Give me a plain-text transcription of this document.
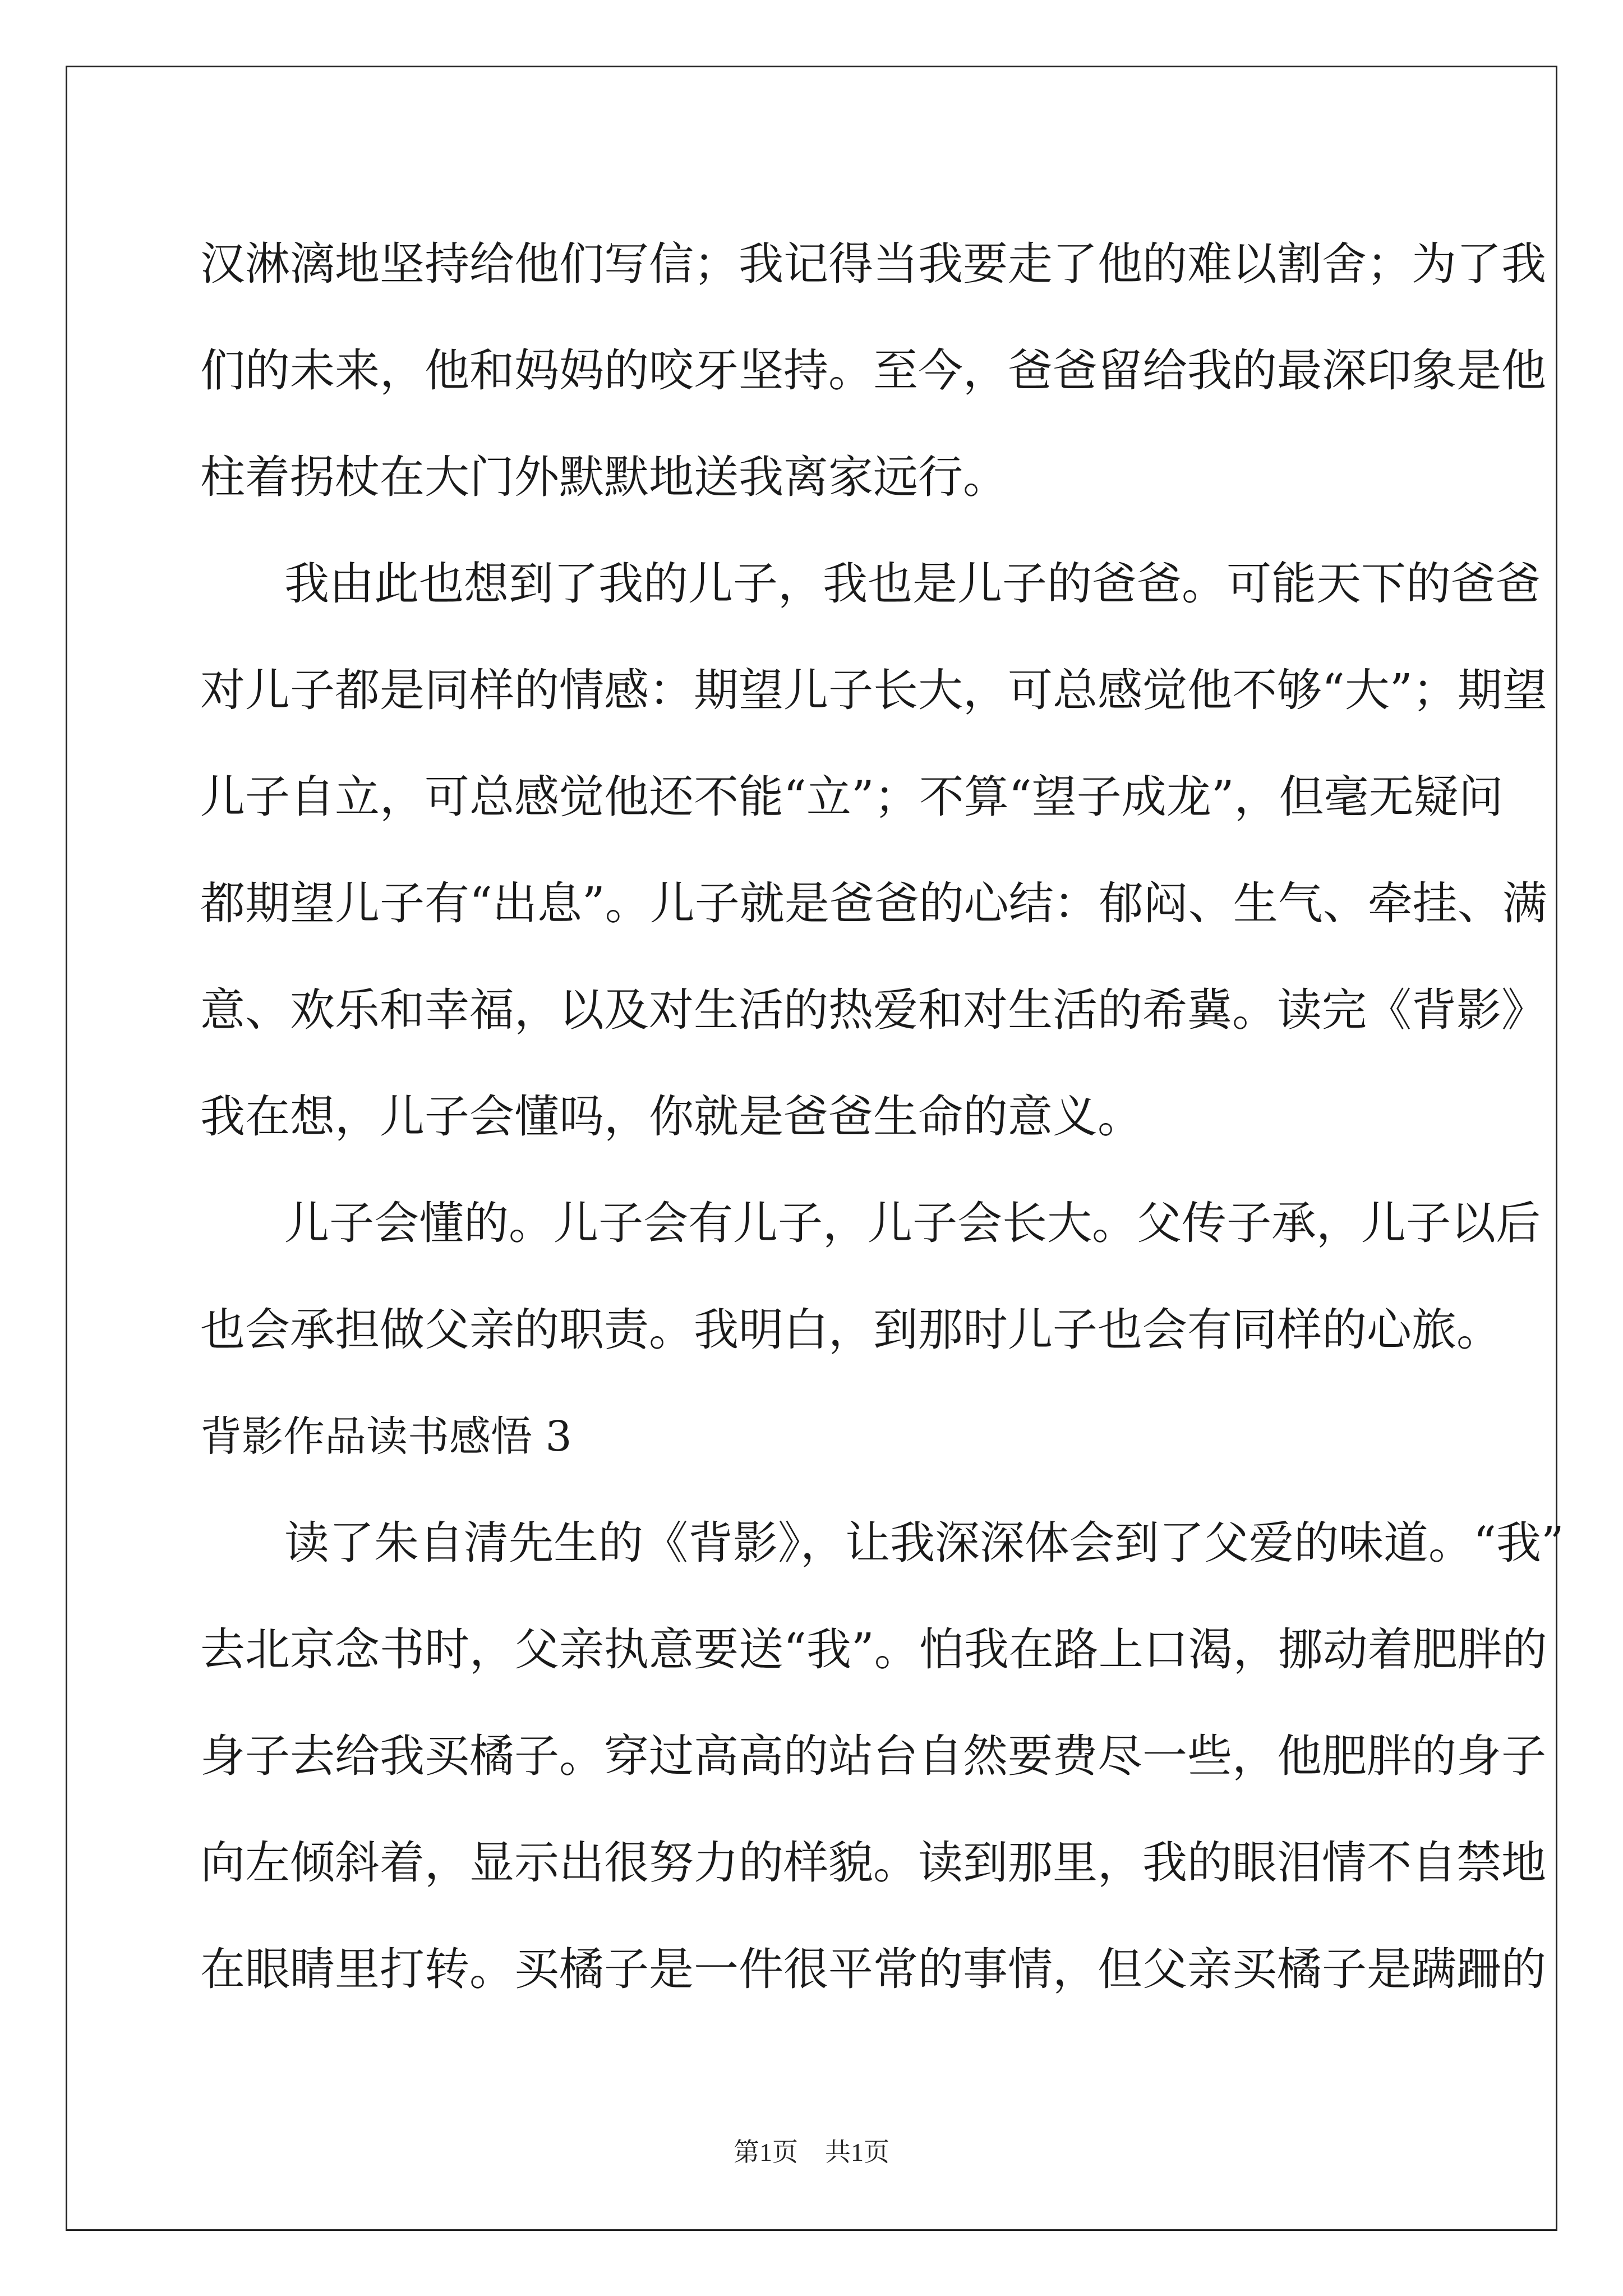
汉淋漓地坚持给他们写信；我记得当我要走了他的难以割舍；为了我
们的未来，他和妈妈的咬牙坚持。至今，爸爸留给我的最深印象是他
柱着拐杖在大门外默默地送我离家远行。
我由此也想到了我的儿子，我也是儿子的爸爸。可能天下的爸爸
对儿子都是同样的情感：期望儿子长大，可总感觉他不够“大”；期望
儿子自立，可总感觉他还不能“立”；不算“望子成龙”，但毫无疑问
都期望儿子有“出息”。儿子就是爸爸的心结：郁闷、生气、牵挂、满
意、欢乐和幸福，以及对生活的热爱和对生活的希冀。读完《背影》
我在想，儿子会懂吗，你就是爸爸生命的意义。
儿子会懂的。儿子会有儿子，儿子会长大。父传子承，儿子以后
也会承担做父亲的职责。我明白，到那时儿子也会有同样的心旅。
背影作品读书感悟 3
读了朱自清先生的《背影》，让我深深体会到了父爱的味道。“我”
去北京念书时，父亲执意要送“我”。怕我在路上口渴，挪动着肥胖的
身子去给我买橘子。穿过高高的站台自然要费尽一些，他肥胖的身子
向左倾斜着，显示出很努力的样貌。读到那里，我的眼泪情不自禁地
在眼睛里打转。买橘子是一件很平常的事情，但父亲买橘子是蹒跚的
第1页 共1页
